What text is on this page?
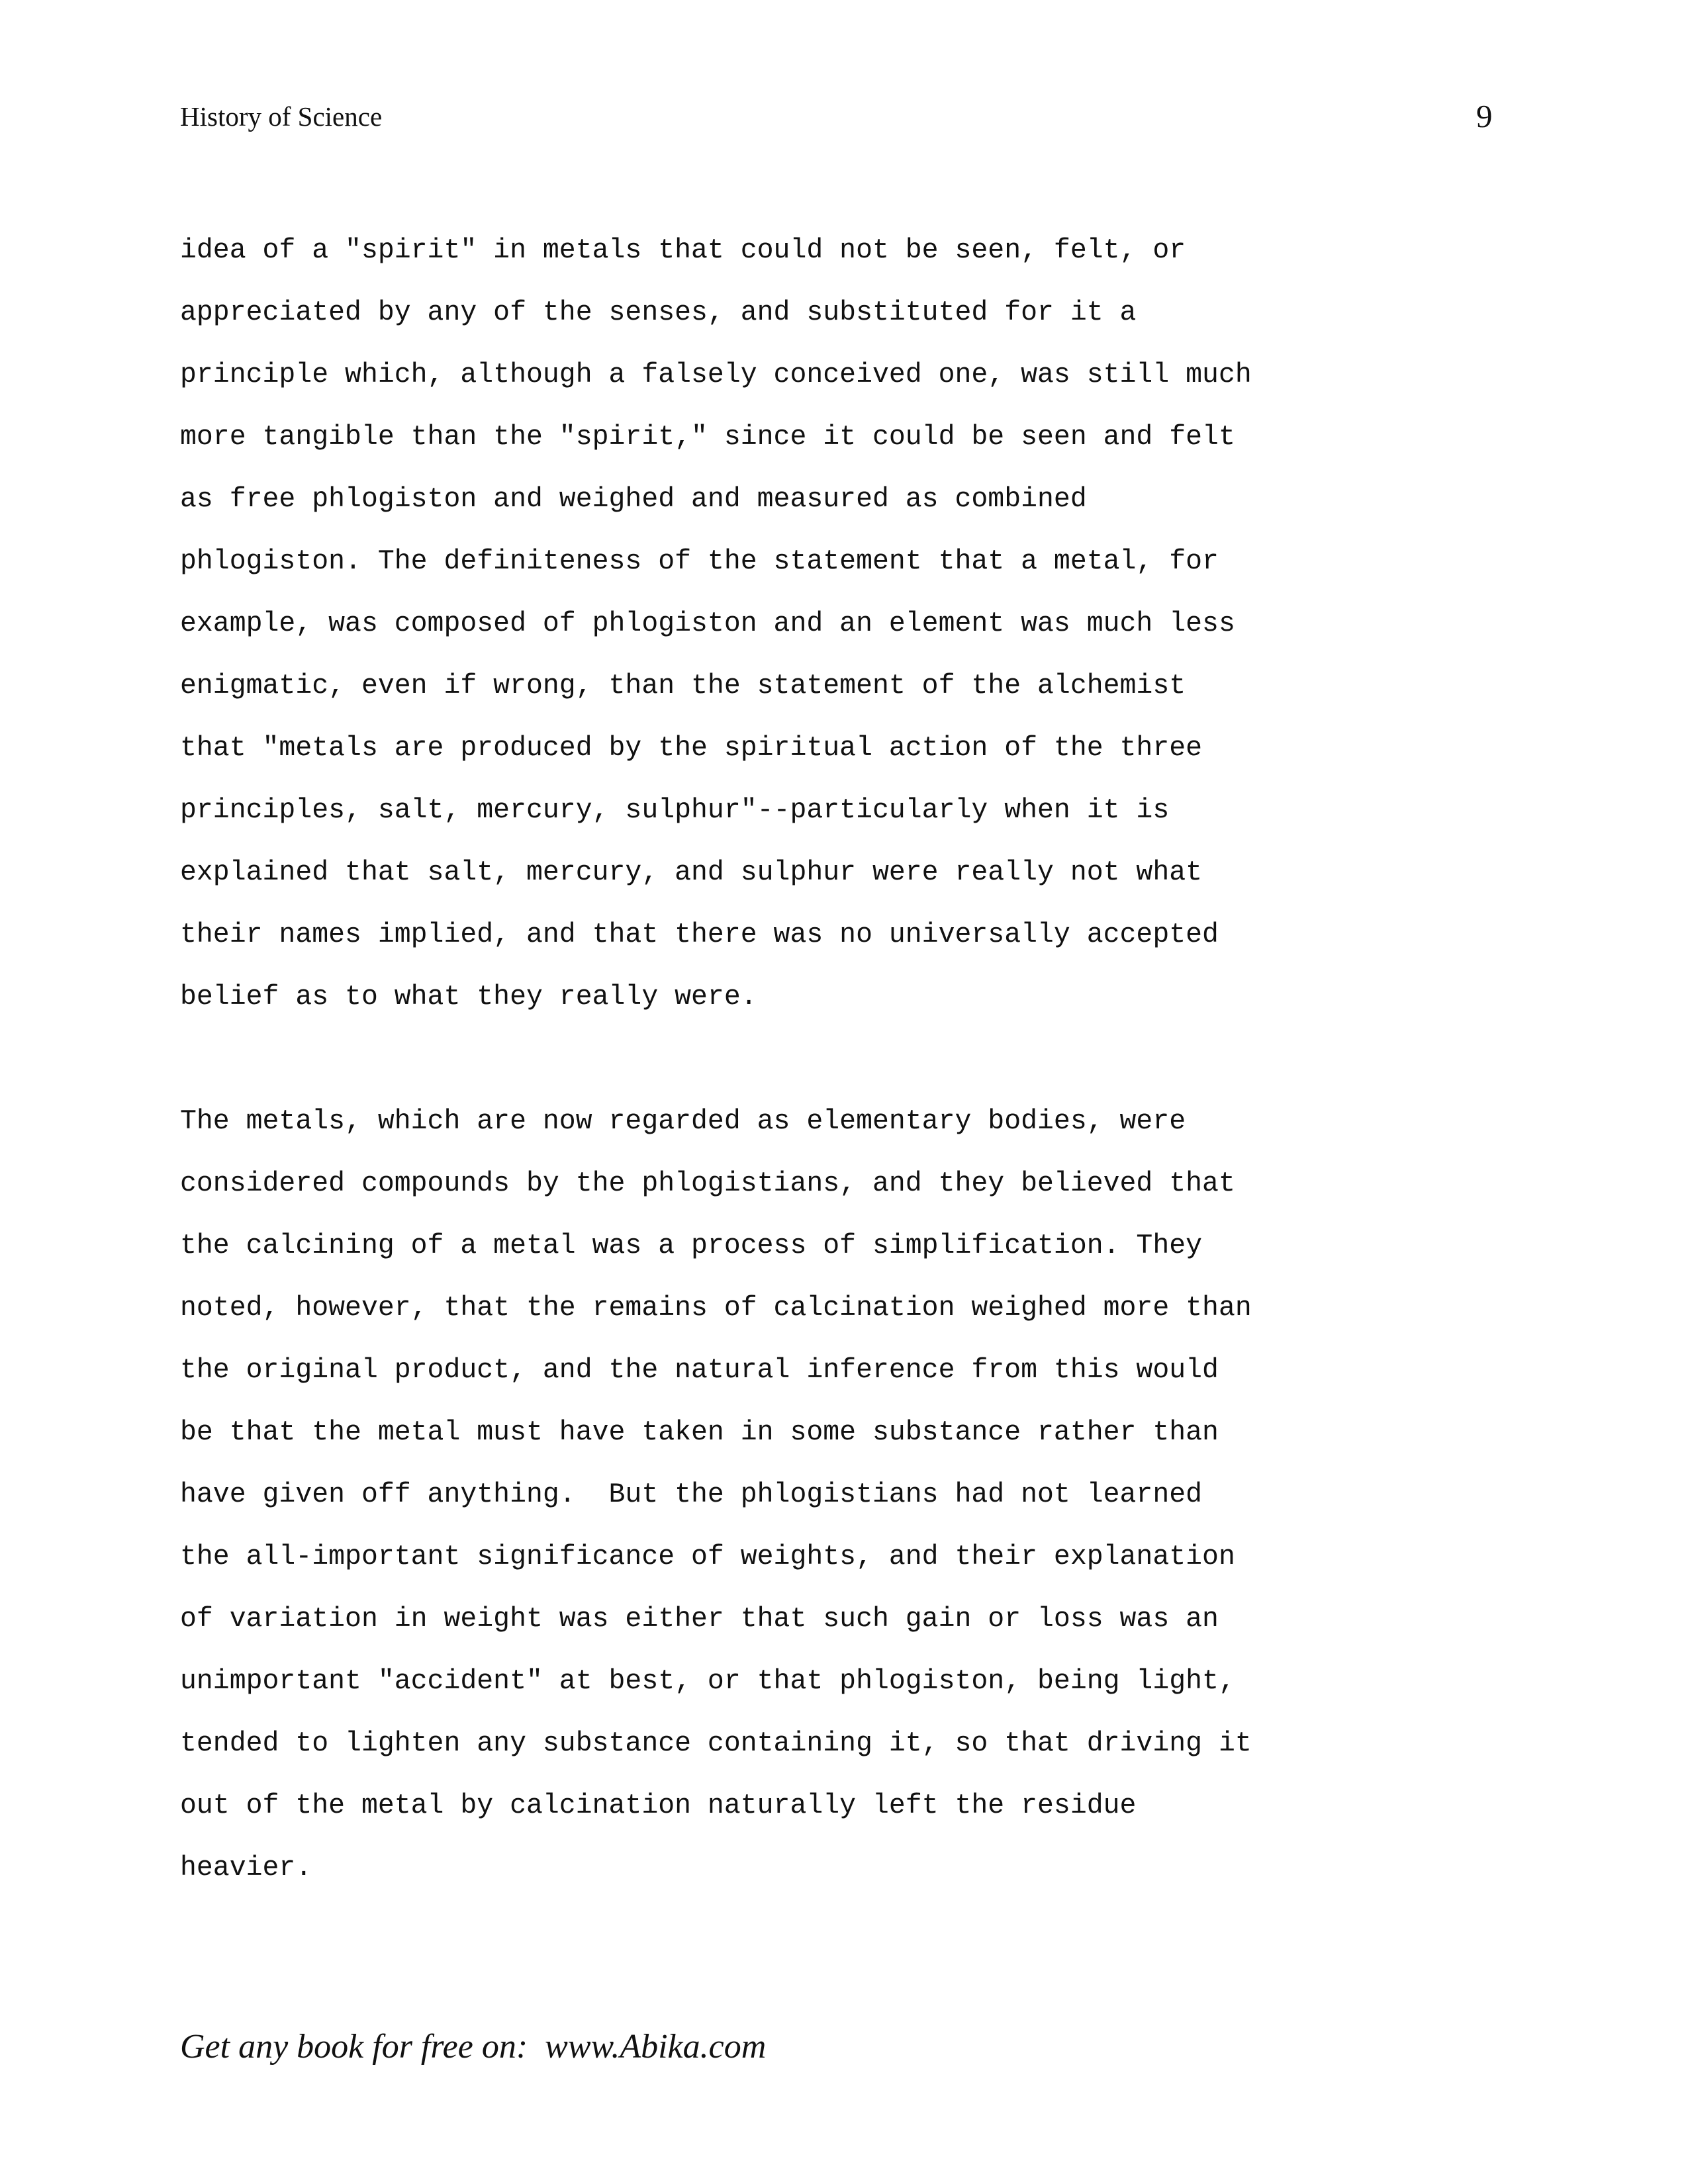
History of Science	9
idea of a "spirit" in metals that could not be seen, felt, or
appreciated by any of the senses, and substituted for it a
principle which, although a falsely conceived one, was still much
more tangible than the "spirit," since it could be seen and felt
as free phlogiston and weighed and measured as combined
phlogiston. The definiteness of the statement that a metal, for
example, was composed of phlogiston and an element was much less
enigmatic, even if wrong, than the statement of the alchemist
that "metals are produced by the spiritual action of the three
principles, salt, mercury, sulphur"--particularly when it is
explained that salt, mercury, and sulphur were really not what
their names implied, and that there was no universally accepted
belief as to what they really were.
The metals, which are now regarded as elementary bodies, were
considered compounds by the phlogistians, and they believed that
the calcining of a metal was a process of simplification. They
noted, however, that the remains of calcination weighed more than
the original product, and the natural inference from this would
be that the metal must have taken in some substance rather than
have given off anything.  But the phlogistians had not learned
the all-important significance of weights, and their explanation
of variation in weight was either that such gain or loss was an
unimportant "accident" at best, or that phlogiston, being light,
tended to lighten any substance containing it, so that driving it
out of the metal by calcination naturally left the residue
heavier.
Get any book for free on:  www.Abika.com
